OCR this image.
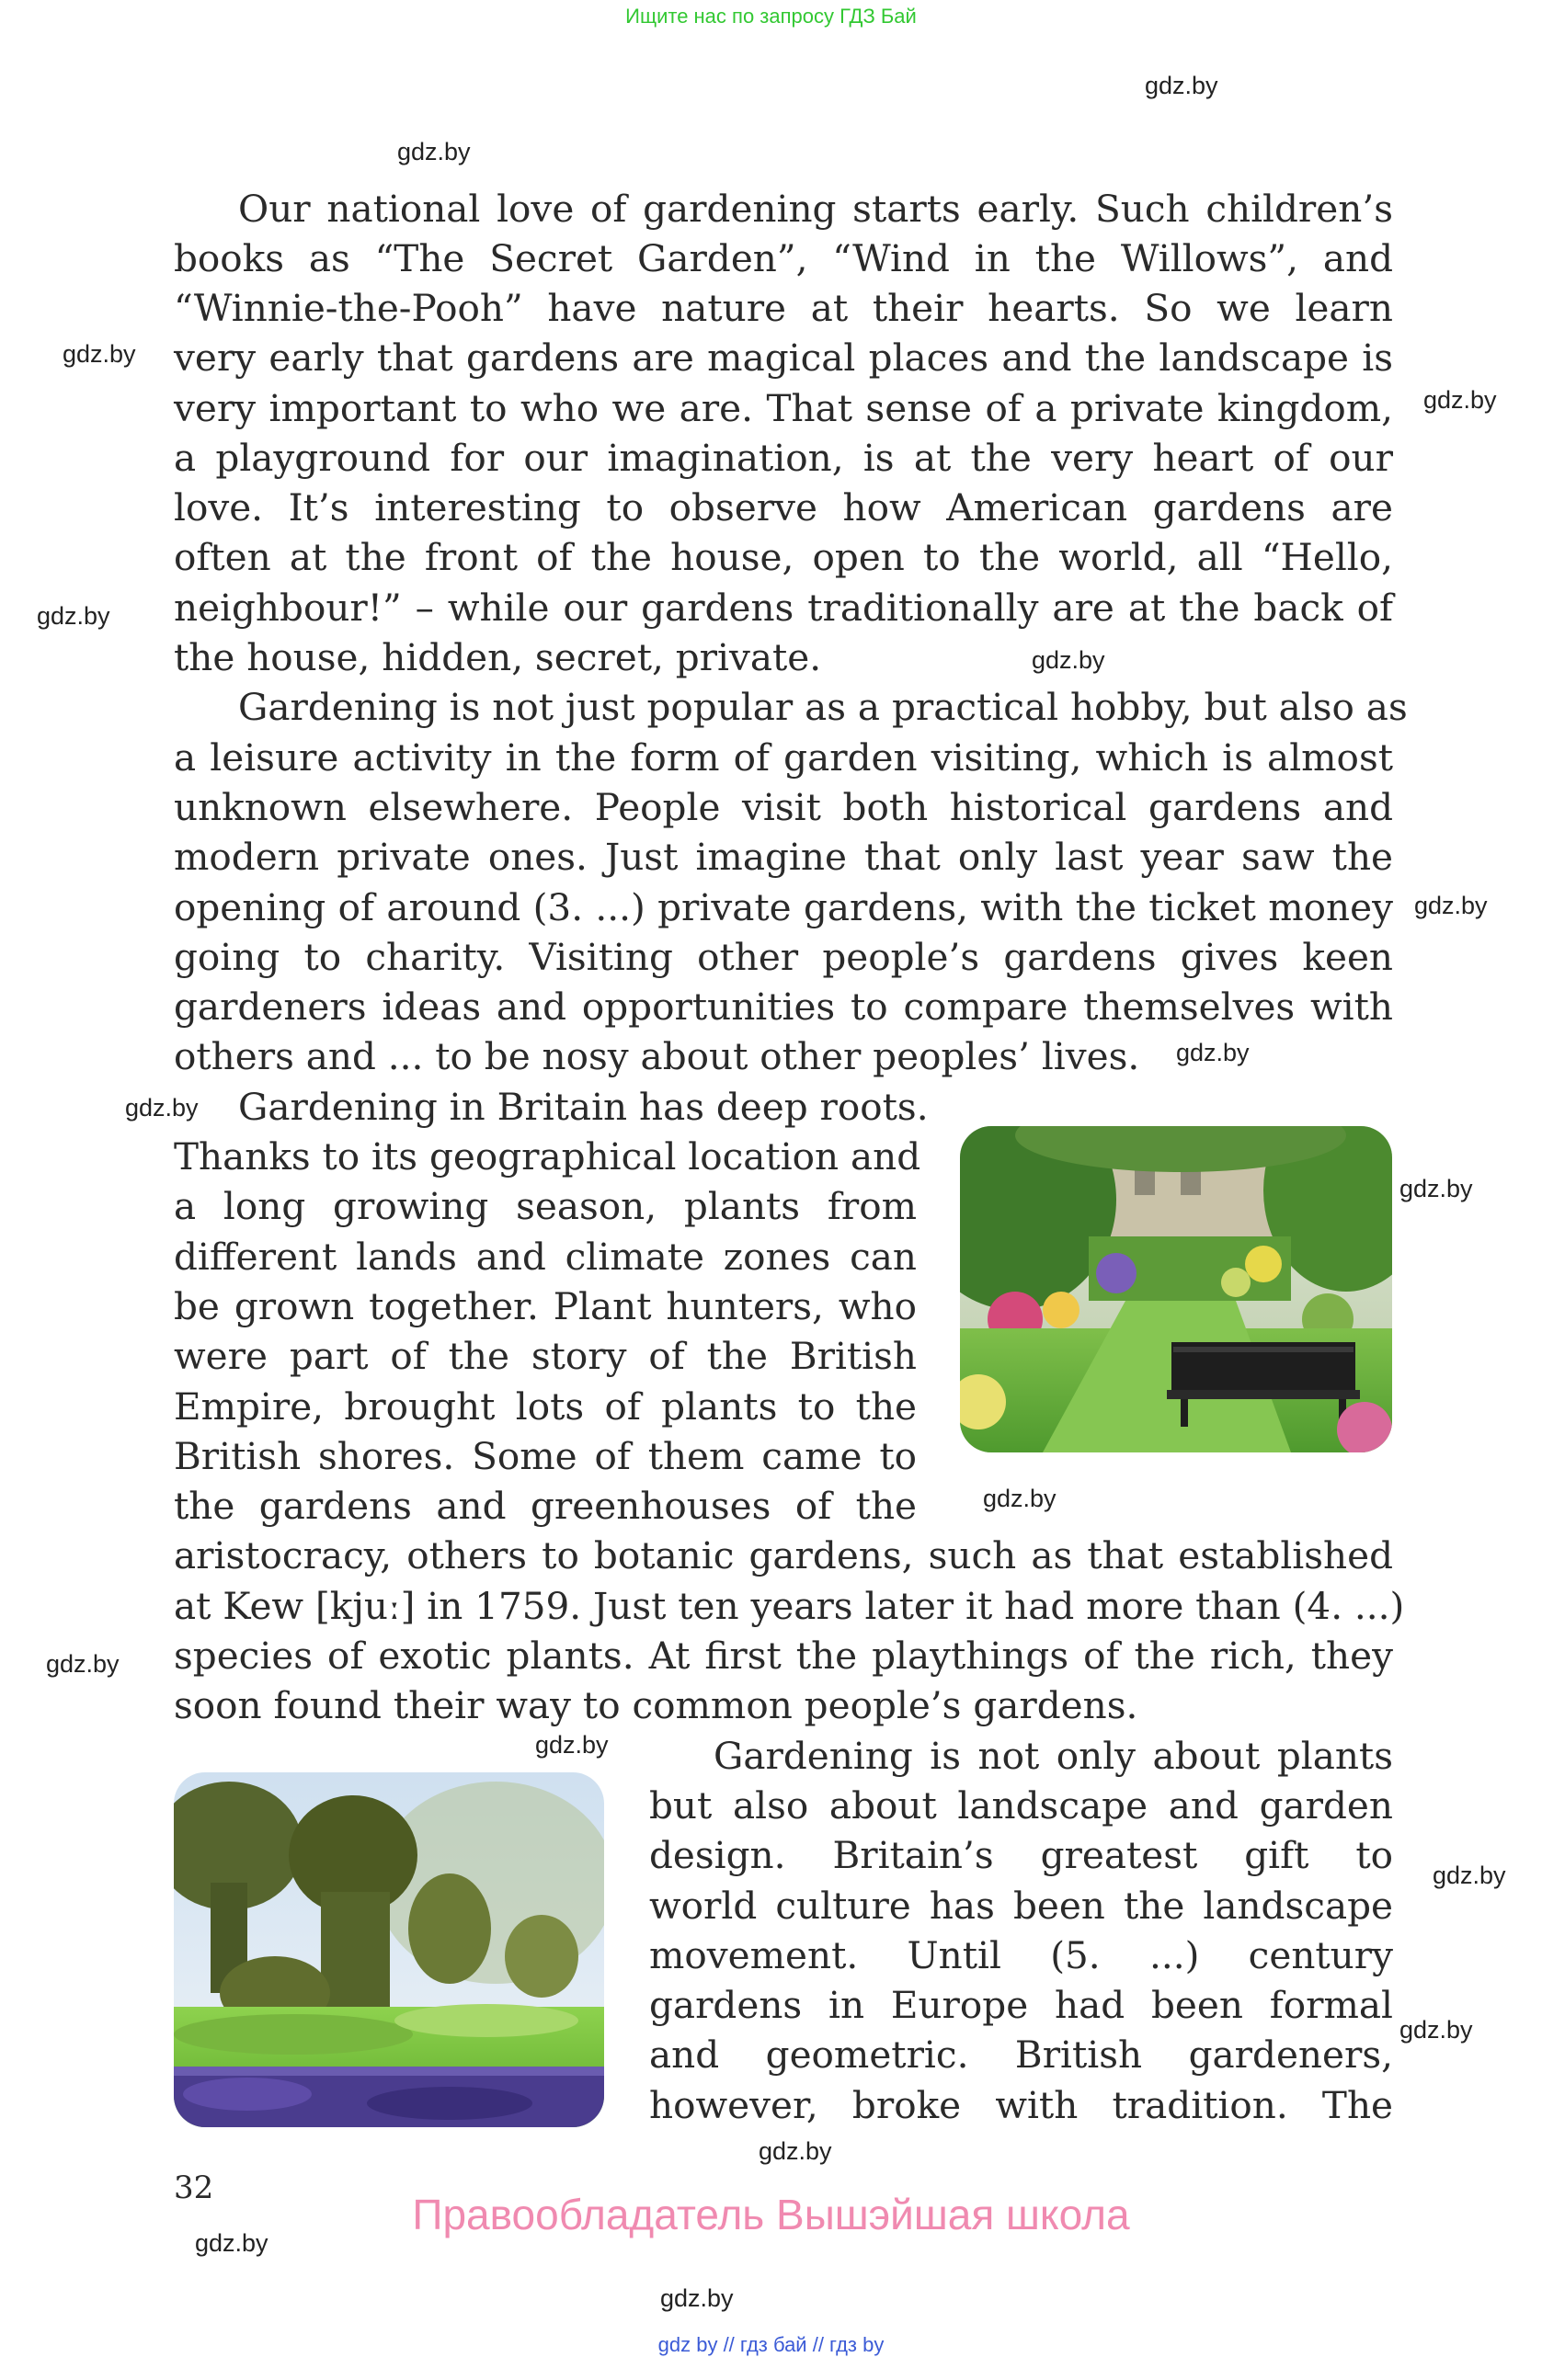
Ищите нас по запросу ГДЗ Бай
gdz.by
gdz.by
gdz.by
gdz.by
gdz.by
gdz.by
gdz.by
gdz.by
gdz.by
gdz.by
gdz.by
gdz.by
gdz.by
gdz.by
gdz.by
gdz.by
gdz.by
gdz.by
Our national love of gardening starts early. Such children’s
books as “The Secret Garden”, “Wind in the Willows”, and
“Winnie-the-Pooh” have nature at their hearts. So we learn
very early that gardens are magical places and the landscape is
very important to who we are. That sense of a private kingdom,
a playground for our imagination, is at the very heart of our
love. It’s interesting to observe how American gardens are
often at the front of the house, open to the world, all “Hello,
neighbour!” – while our gardens traditionally are at the back of
the house, hidden, secret, private.
Gardening is not just popular as a practical hobby, but also as
a leisure activity in the form of garden visiting, which is almost
unknown elsewhere. People visit both historical gardens and
modern private ones. Just imagine that only last year saw the
opening of around (3. ...) private gardens, with the ticket money
going to charity. Visiting other people’s gardens gives keen
gardeners ideas and opportunities to compare themselves with
others and ... to be nosy about other peoples’ lives.
Gardening in Britain has deep roots.
Thanks to its geographical location and
a long growing season, plants from
different lands and climate zones can
be grown together. Plant hunters, who
were part of the story of the British
Empire, brought lots of plants to the
British shores. Some of them came to
the gardens and greenhouses of the
aristocracy, others to botanic gardens, such as that established
at Kew [kjuː] in 1759. Just ten years later it had more than (4. ...)
species of exotic plants. At first the playthings of the rich, they
soon found their way to common people’s gardens.
Gardening is not only about plants
but also about landscape and garden
design. Britain’s greatest gift to
world culture has been the landscape
movement. Until (5. ...) century
gardens in Europe had been formal
and geometric. British gardeners,
however, broke with tradition. The
32
Правообладатель Вышэйшая школа
gdz by // гдз бай // гдз by
